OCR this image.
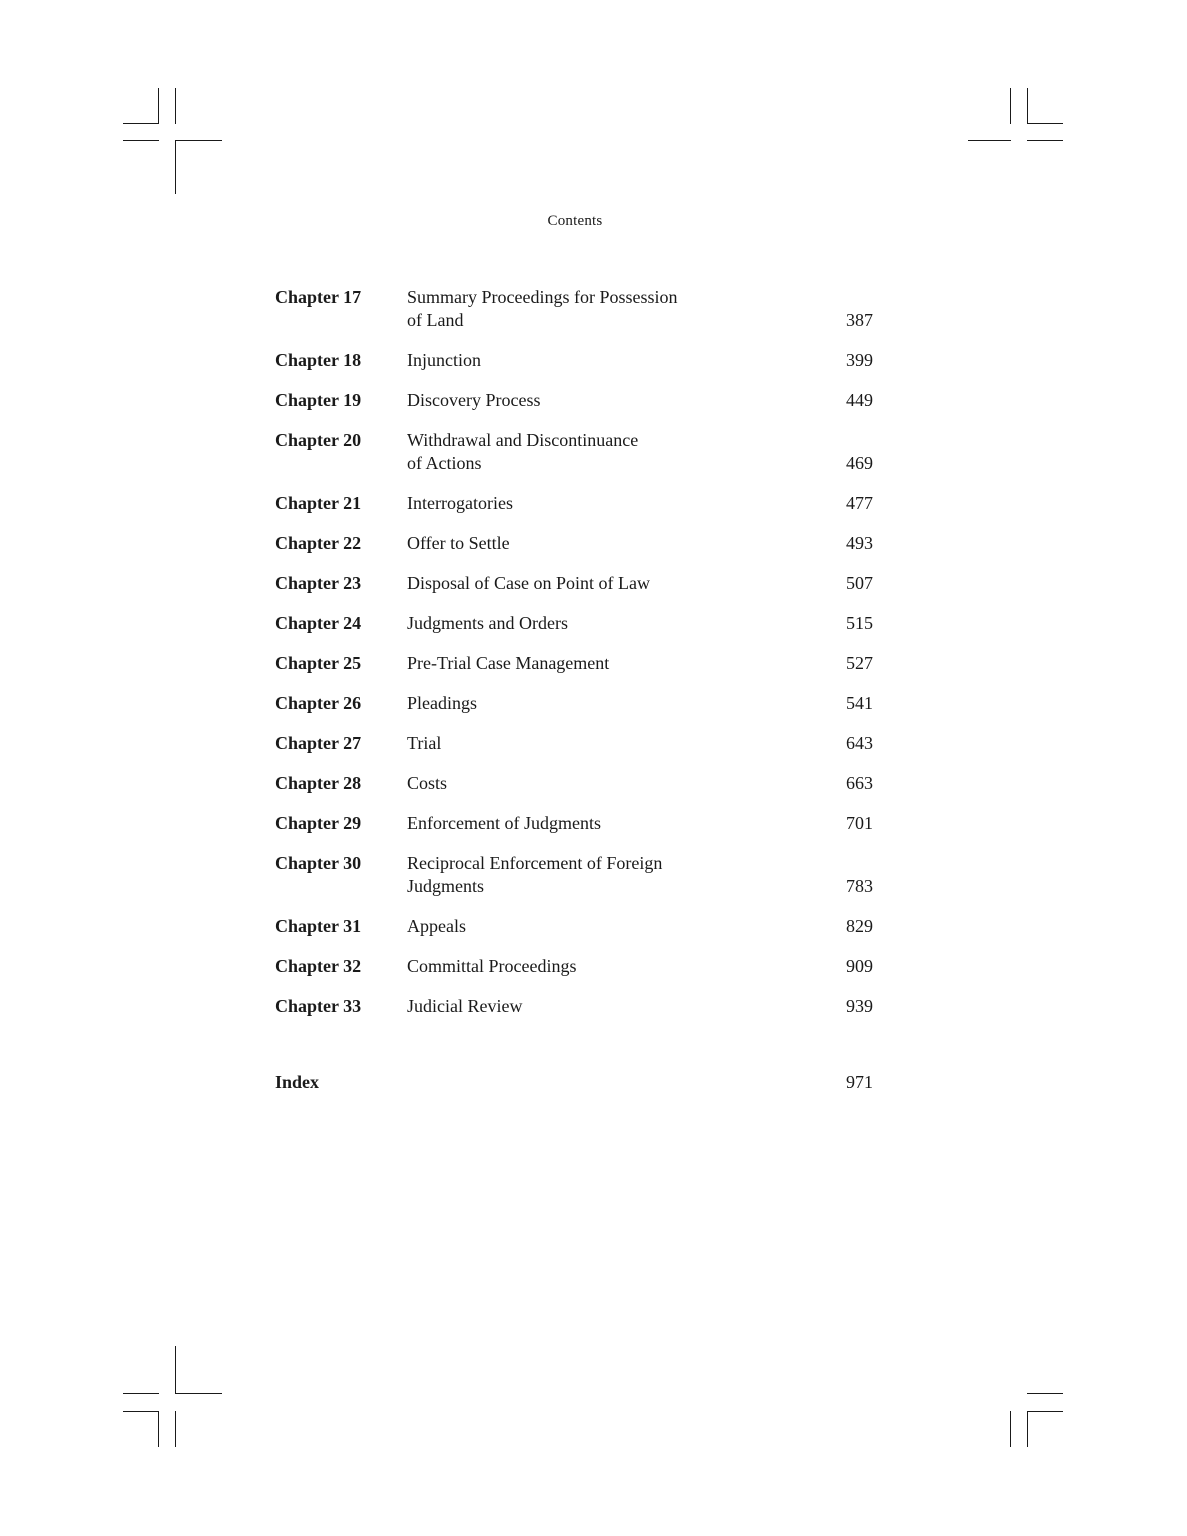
Contents
Chapter 17	Summary Proceedings for Possession
of Land	387
Chapter 18	Injunction	399
Chapter 19	Discovery Process	449
Chapter 20	Withdrawal and Discontinuance
of Actions	469
Chapter 21	Interrogatories	477
Chapter 22	Offer to Settle	493
Chapter 23	Disposal of Case on Point of Law	507
Chapter 24	Judgments and Orders	515
Chapter 25	Pre-Trial Case Management	527
Chapter 26	Pleadings	541
Chapter 27	Trial	643
Chapter 28	Costs	663
Chapter 29	Enforcement of Judgments	701
Chapter 30	Reciprocal Enforcement of Foreign
Judgments	783
Chapter 31	Appeals	829
Chapter 32	Committal Proceedings	909
Chapter 33	Judicial Review	939
Index	971
